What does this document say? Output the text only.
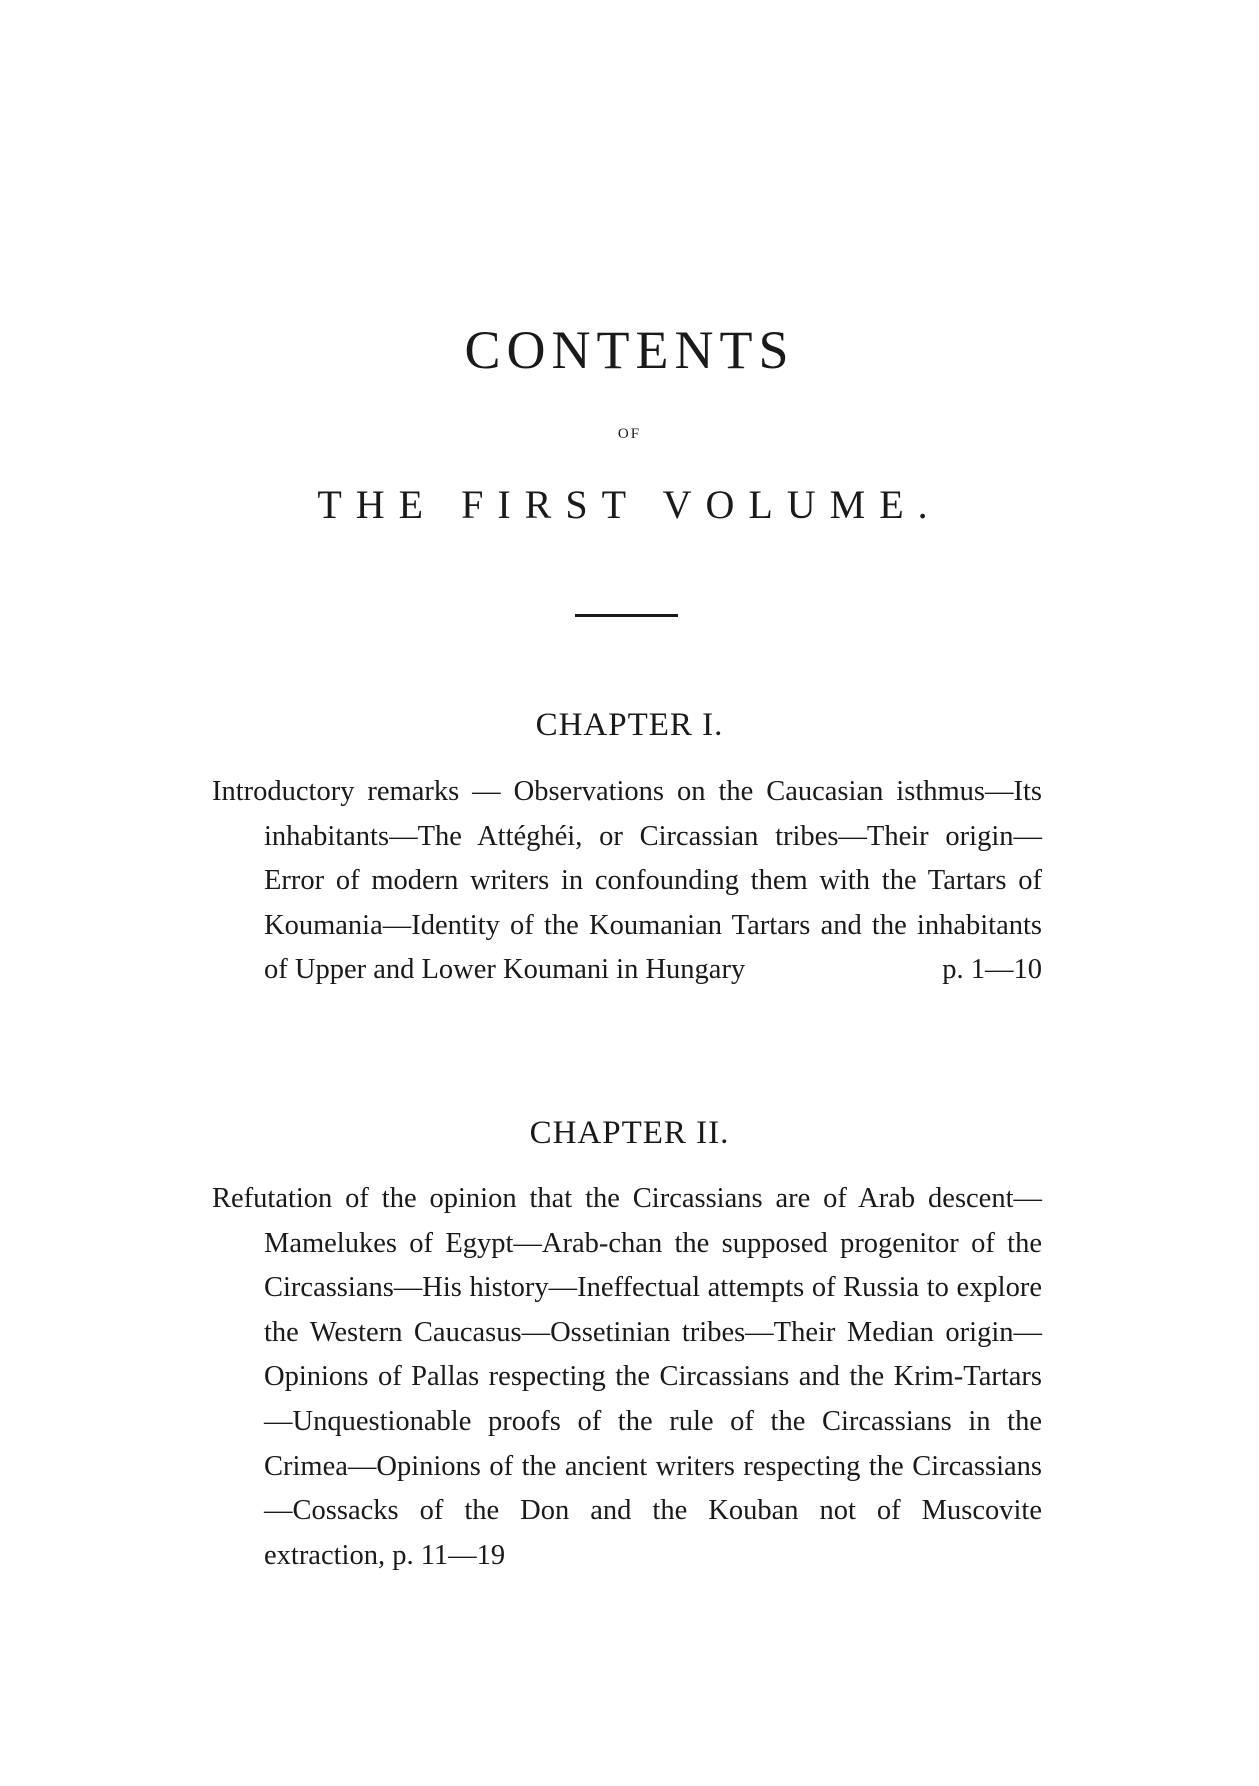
CONTENTS
OF
THE FIRST VOLUME.
CHAPTER I.

Introductory remarks — Observations on the Caucasian isthmus—Its inhabitants—The Attéghéi, or Circassian tribes—Their origin—Error of modern writers in confounding them with the Tartars of Koumania—Identity of the Koumanian Tartars and the inhabitants of Upper and Lower Koumani in Hungary	p. 1—10

CHAPTER II.

Refutation of the opinion that the Circassians are of Arab descent—Mamelukes of Egypt—Arab-chan the supposed progenitor of the Circassians—His history—Ineffectual attempts of Russia to explore the Western Caucasus—Ossetinian tribes—Their Median origin—Opinions of Pallas respecting the Circassians and the Krim-Tartars—Unquestionable proofs of the rule of the Circassians in the Crimea—Opinions of the ancient writers respecting the Circassians—Cossacks of the Don and the Kouban not of Muscovite extraction, p. 11—19
